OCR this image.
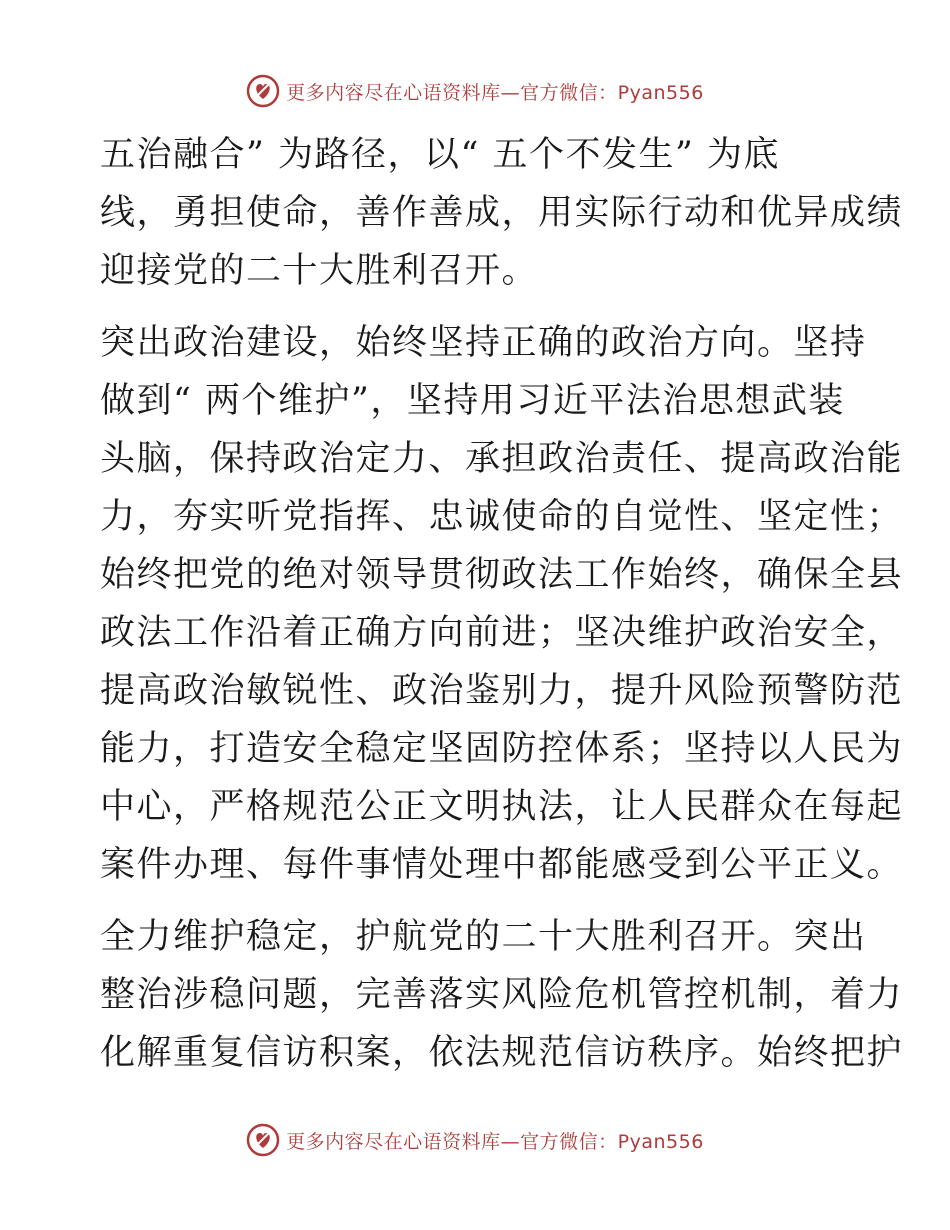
更多内容尽在心语资料库—官方微信：Pyan556
五治融合” 为路径，以“ 五个不发生” 为底
线，勇担使命，善作善成，用实际行动和优异成绩
迎接党的二十大胜利召开。
突出政治建设，始终坚持正确的政治方向。坚持
做到“ 两个维护”，坚持用习近平法治思想武装
头脑，保持政治定力、承担政治责任、提高政治能
力，夯实听党指挥、忠诚使命的自觉性、坚定性；
始终把党的绝对领导贯彻政法工作始终，确保全县
政法工作沿着正确方向前进；坚决维护政治安全，
提高政治敏锐性、政治鉴别力，提升风险预警防范
能力，打造安全稳定坚固防控体系；坚持以人民为
中心，严格规范公正文明执法，让人民群众在每起
案件办理、每件事情处理中都能感受到公平正义。
全力维护稳定，护航党的二十大胜利召开。突出
整治涉稳问题，完善落实风险危机管控机制，着力
化解重复信访积案，依法规范信访秩序。始终把护
更多内容尽在心语资料库—官方微信：Pyan556
